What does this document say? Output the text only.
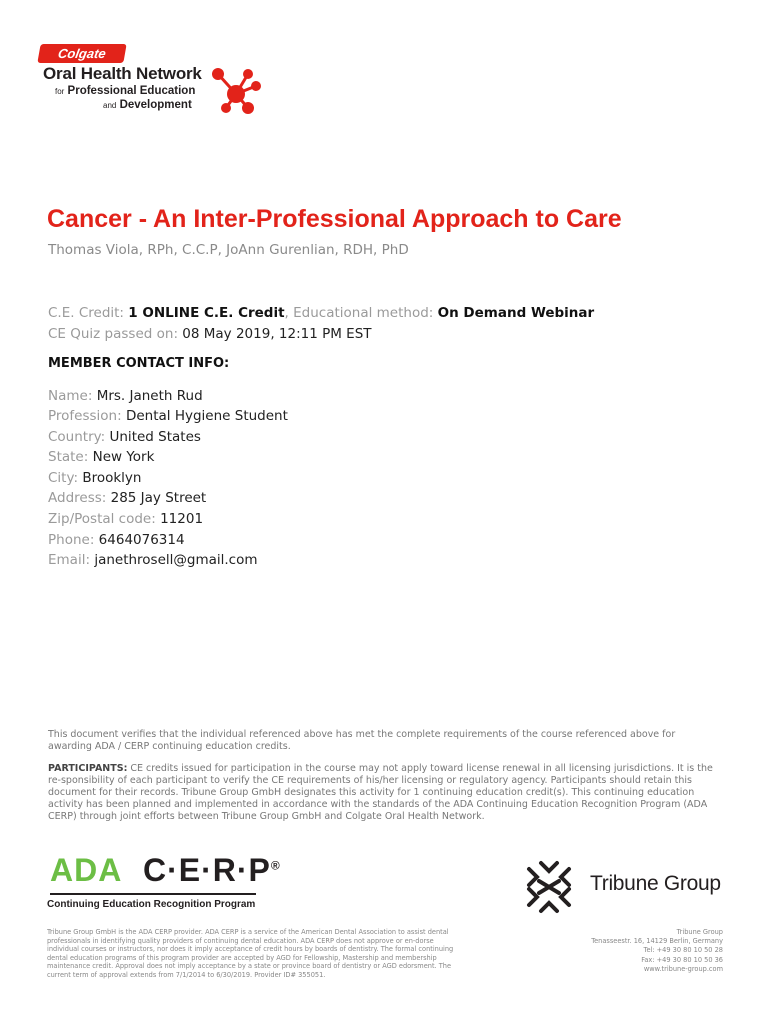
Colgate
Oral Health Network
for Professional Education
and Development
Cancer - An Inter-Professional Approach to Care
Thomas Viola, RPh, C.C.P, JoAnn Gurenlian, RDH, PhD
C.E. Credit: 1 ONLINE C.E. Credit, Educational method: On Demand Webinar
CE Quiz passed on: 08 May 2019, 12:11 PM EST
MEMBER CONTACT INFO:
Name: Mrs. Janeth Rud
Profession: Dental Hygiene Student
Country: United States
State: New York
City: Brooklyn
Address: 285 Jay Street
Zip/Postal code: 11201
Phone: 6464076314
Email: janethrosell@gmail.com
This document verifies that the individual referenced above has met the complete requirements of the course referenced above for awarding ADA / CERP continuing education credits.
PARTICIPANTS: CE credits issued for participation in the course may not apply toward license renewal in all licensing jurisdictions. It is the re-sponsibility of each participant to verify the CE requirements of his/her licensing or regulatory agency. Participants should retain this document for their records. Tribune Group GmbH designates this activity for 1 continuing education credit(s). This continuing education activity has been planned and implemented in accordance with the standards of the ADA Continuing Education Recognition Program (ADA CERP) through joint efforts between Tribune Group GmbH and Colgate Oral Health Network.
ADA C·E·R·P®
Continuing Education Recognition Program
Tribune Group
Tribune Group GmbH is the ADA CERP provider. ADA CERP is a service of the American Dental Association to assist dental professionals in identifying quality providers of continuing dental education. ADA CERP does not approve or en-dorse individual courses or instructors, nor does it imply acceptance of credit hours by boards of dentistry. The formal continuing dental education programs of this program provider are accepted by AGD for Fellowship, Mastership and membership maintenance credit. Approval does not imply acceptance by a state or province board of dentistry or AGD edorsment. The current term of approval extends from 7/1/2014 to 6/30/2019. Provider ID# 355051.
Tribune Group
Tenasseestr. 16, 14129 Berlin, Germany
Tel: +49 30 80 10 50 28
Fax: +49 30 80 10 50 36
www.tribune-group.com
